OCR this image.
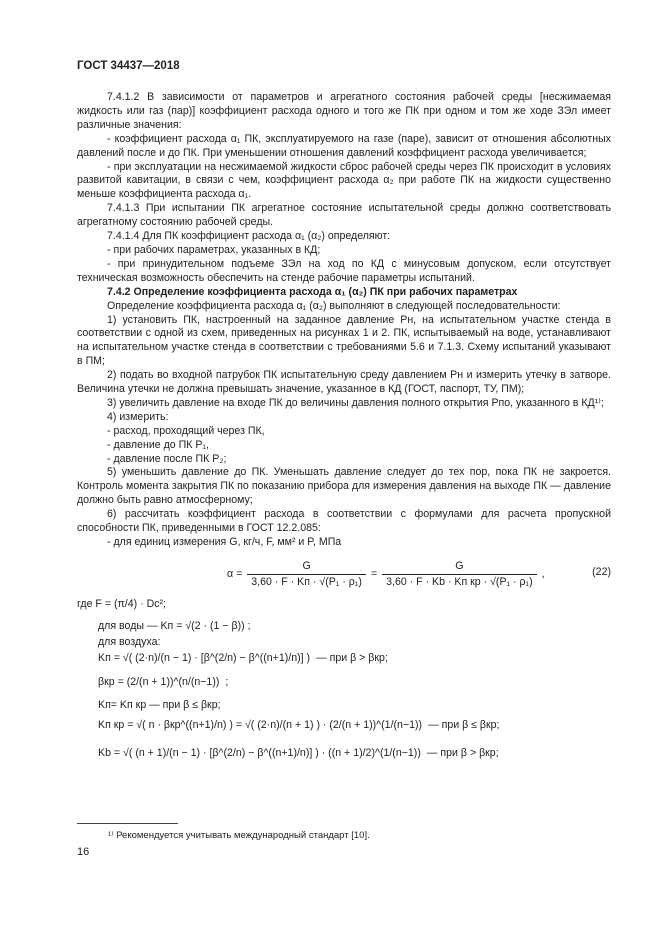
ГОСТ 34437—2018

7.4.1.2 В зависимости от параметров и агрегатного состояния рабочей среды [несжимаемая жидкость или газ (пар)] коэффициент расхода одного и того же ПК при одном и том же ходе ЗЭл имеет различные значения:

- коэффициент расхода α₁ ПК, эксплуатируемого на газе (паре), зависит от отношения абсолютных давлений после и до ПК. При уменьшении отношения давлений коэффициент расхода увеличивается;

- при эксплуатации на несжимаемой жидкости сброс рабочей среды через ПК происходит в условиях развитой кавитации, в связи с чем, коэффициент расхода α₂ при работе ПК на жидкости существенно меньше коэффициента расхода α₁.

7.4.1.3 При испытании ПК агрегатное состояние испытательной среды должно соответствовать агрегатному состоянию рабочей среды.

7.4.1.4 Для ПК коэффициент расхода α₁ (α₂) определяют:

- при рабочих параметрах, указанных в КД;

- при принудительном подъеме ЗЭл на ход по КД с минусовым допуском, если отсутствует техническая возможность обеспечить на стенде рабочие параметры испытаний.

7.4.2 Определение коэффициента расхода α₁ (α₂) ПК при рабочих параметрах

Определение коэффициента расхода α₁ (α₂) выполняют в следующей последовательности:

1) установить ПК, настроенный на заданное давление Pн, на испытательном участке стенда в соответствии с одной из схем, приведенных на рисунках 1 и 2. ПК, испытываемый на воде, устанавливают на испытательном участке стенда в соответствии с требованиями 5.6 и 7.1.3. Схему испытаний указывают в ПМ;

2) подать во входной патрубок ПК испытательную среду давлением Pн и измерить утечку в затворе. Величина утечки не должна превышать значение, указанное в КД (ГОСТ, паспорт, ТУ, ПМ);

3) увеличить давление на входе ПК до величины давления полного открытия Pпо, указанного в КД¹⁾;

4) измерить:

- расход, проходящий через ПК,

- давление до ПК P₁,

- давление после ПК P₂;

5) уменьшить давление до ПК. Уменьшать давление следует до тех пор, пока ПК не закроется. Контроль момента закрытия ПК по показанию прибора для измерения давления на выходе ПК — давление должно быть равно атмосферному;

6) рассчитать коэффициент расхода в соответствии с формулами для расчета пропускной способности ПК, приведенными в ГОСТ 12.2.085:

- для единиц измерения G, кг/ч, F, мм² и P, МПа

$\alpha = \frac{G}{\text{3,60 · F · Kп · √(P₁ · ρ₁)}} = \frac{G}{\text{3,60 · F · Kb · Kп кр · √(P₁ · ρ₁)}}$ ,	(22)
где F = (π/4) · Dc²;
для воды — Kп = √(2 · (1 − β)) ;
для воздуха:
Kп = √( (2·n)/(n − 1) · [β^(2/n) − β^((n+1)/n)] ) — при β > βкр;
βкр = (2/(n + 1))^(n/(n−1)) ;
Kп= Kп кр — при β ≤ βкр;
Kп кр = √( n · βкр^((n+1)/n) ) = √( (2·n)/(n + 1) ) · (2/(n + 1))^(1/(n−1)) — при β ≤ βкр;
Kb = √( (n + 1)/(n − 1) · [β^(2/n) − β^((n+1)/n)] ) · ((n + 1)/2)^(1/(n−1)) — при β > βкр;
¹⁾ Рекомендуется учитывать международный стандарт [10].
16
